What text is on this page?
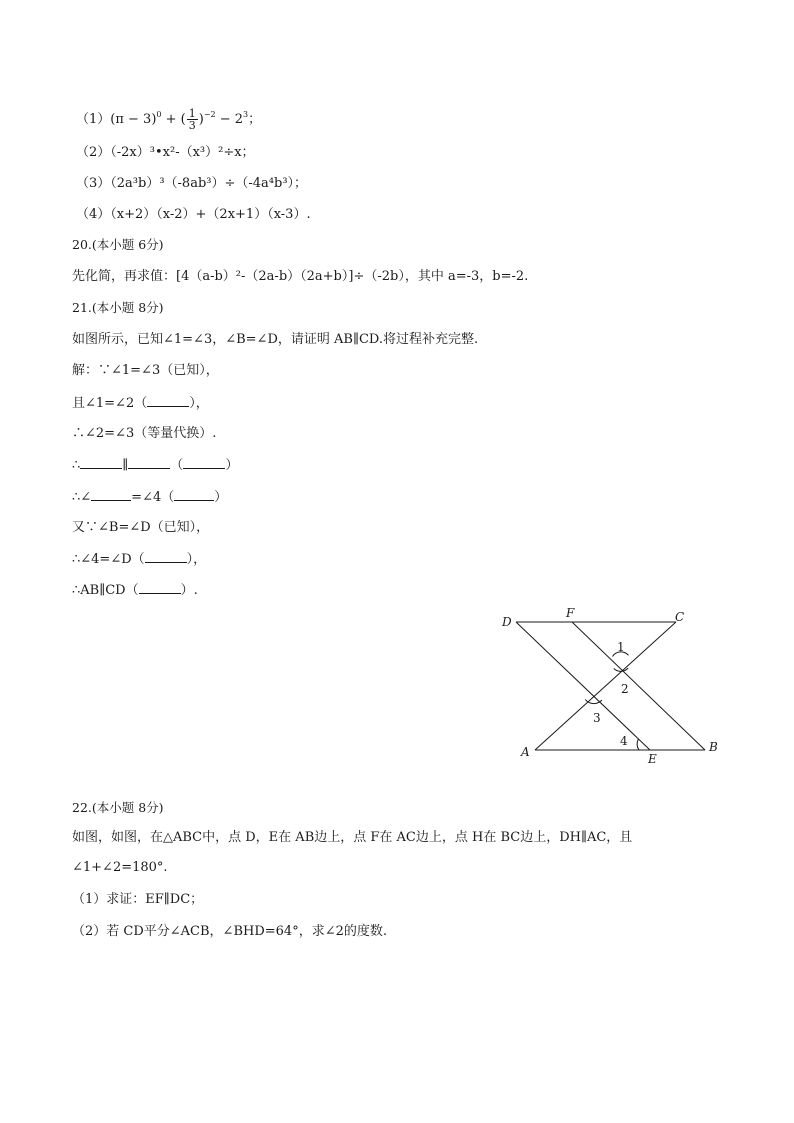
$(1)(\pi - 3)^0$ + ( $\frac{1}{3} )^{-2} - 2^3$；
（2）（-2x）³•x²-（x³）²÷x；
（3）（2a³b）³（-8ab³）÷（-4a⁴b³）；
（4）（x+2）（x-2）+（2x+1）（x-3）.
20.(本小题 6分)
先化简，再求值：[4（a-b）²-（2a-b）（2a+b）]÷（-2b），其中 a=-3，b=-2.
21.(本小题 8分)
如图所示，已知∠1=∠3，∠B=∠D，请证明 AB∥CD.将过程补充完整.
解：∵∠1=∠3（已知），
且∠1=∠2（	），
∴∠2=∠3（等量代换）.
∴	∥	（	）
∴∠	=∠4（	）
又∵∠B=∠D（已知），
∴∠4=∠D（	），
∴AB∥CD（	）.
D
F	C
A	B
E
1
2
3
4
22.(本小题 8分)
如图，如图，在△ABC中，点 D，E在 AB边上，点 F在 AC边上，点 H在 BC边上，DH∥AC，且
∠1+∠2=180°.
（1）求证：EF∥DC；
（2）若 CD平分∠ACB，∠BHD=64°，求∠2的度数.
